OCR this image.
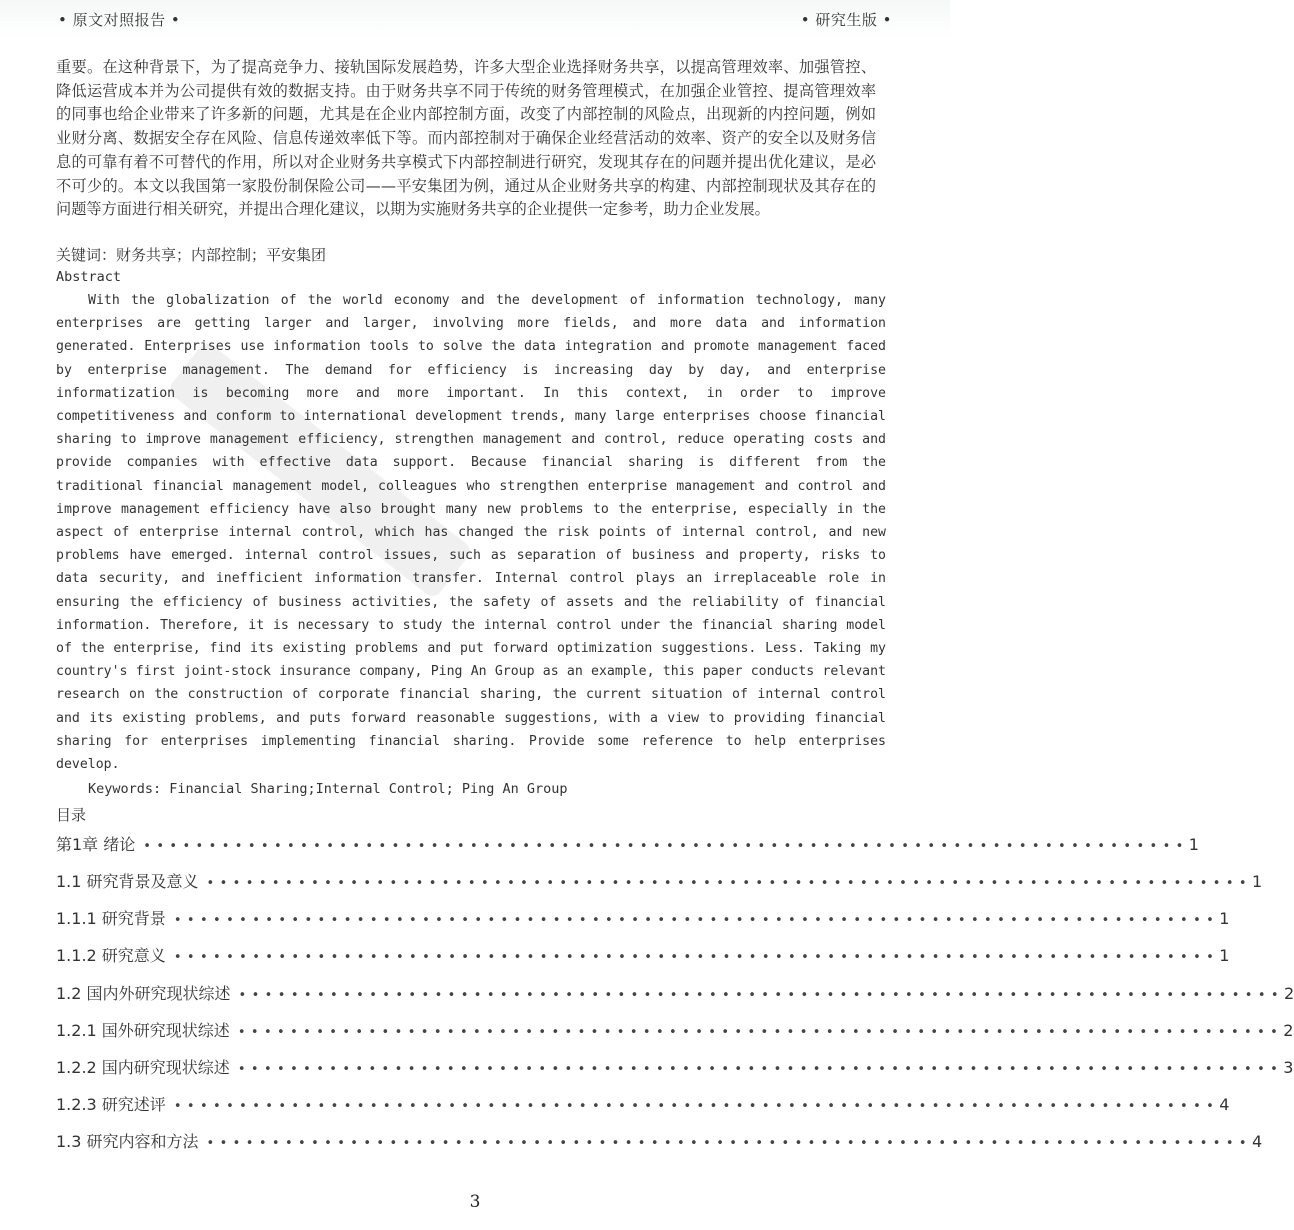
• 原文对照报告 •	• 研究生版 •

重要。在这种背景下，为了提高竞争力、接轨国际发展趋势，许多大型企业选择财务共享，以提高管理效率、加强管控、降低运营成本并为公司提供有效的数据支持。由于财务共享不同于传统的财务管理模式，在加强企业管控、提高管理效率的同事也给企业带来了许多新的问题，尤其是在企业内部控制方面，改变了内部控制的风险点，出现新的内控问题，例如业财分离、数据安全存在风险、信息传递效率低下等。而内部控制对于确保企业经营活动的效率、资产的安全以及财务信息的可靠有着不可替代的作用，所以对企业财务共享模式下内部控制进行研究，发现其存在的问题并提出优化建议，是必不可少的。本文以我国第一家股份制保险公司——平安集团为例，通过从企业财务共享的构建、内部控制现状及其存在的问题等方面进行相关研究，并提出合理化建议，以期为实施财务共享的企业提供一定参考，助力企业发展。

关键词：财务共享；内部控制；平安集团
Abstract

With the globalization of the world economy and the development of information technology, many enterprises are getting larger and larger, involving more fields, and more data and information generated. Enterprises use information tools to solve the data integration and promote management faced by enterprise management. The demand for efficiency is increasing day by day, and enterprise informatization is becoming more and more important. In this context, in order to improve competitiveness and conform to international development trends, many large enterprises choose financial sharing to improve management efficiency, strengthen management and control, reduce operating costs and provide companies with effective data support. Because financial sharing is different from the traditional financial management model, colleagues who strengthen enterprise management and control and improve management efficiency have also brought many new problems to the enterprise, especially in the aspect of enterprise internal control, which has changed the risk points of internal control, and new problems have emerged. internal control issues, such as separation of business and property, risks to data security, and inefficient information transfer. Internal control plays an irreplaceable role in ensuring the efficiency of business activities, the safety of assets and the reliability of financial information. Therefore, it is necessary to study the internal control under the financial sharing model of the enterprise, find its existing problems and put forward optimization suggestions. Less. Taking my country's first joint-stock insurance company, Ping An Group as an example, this paper conducts relevant research on the construction of corporate financial sharing, the current situation of internal control and its existing problems, and puts forward reasonable suggestions, with a view to providing financial sharing for enterprises implementing financial sharing. Provide some reference to help enterprises develop.

Keywords: Financial Sharing;Internal Control; Ping An Group
目录
第1章 绪论 •••••••••••••••••••••••••••••••••••••••••••••••••••••••••••••••••••••••••••••••• 1
1.1 研究背景及意义 •••••••••••••••••••••••••••••••••••••••••••••••••••••••••••••••••••••••••••••••• 1
1.1.1 研究背景 •••••••••••••••••••••••••••••••••••••••••••••••••••••••••••••••••••••••••••••••• 1
1.1.2 研究意义 •••••••••••••••••••••••••••••••••••••••••••••••••••••••••••••••••••••••••••••••• 1
1.2 国内外研究现状综述 •••••••••••••••••••••••••••••••••••••••••••••••••••••••••••••••••••••••••••••••• 2
1.2.1 国外研究现状综述 •••••••••••••••••••••••••••••••••••••••••••••••••••••••••••••••••••••••••••••••• 2
1.2.2 国内研究现状综述 •••••••••••••••••••••••••••••••••••••••••••••••••••••••••••••••••••••••••••••••• 3
1.2.3 研究述评 •••••••••••••••••••••••••••••••••••••••••••••••••••••••••••••••••••••••••••••••• 4
1.3 研究内容和方法 •••••••••••••••••••••••••••••••••••••••••••••••••••••••••••••••••••••••••••••••• 4
3
